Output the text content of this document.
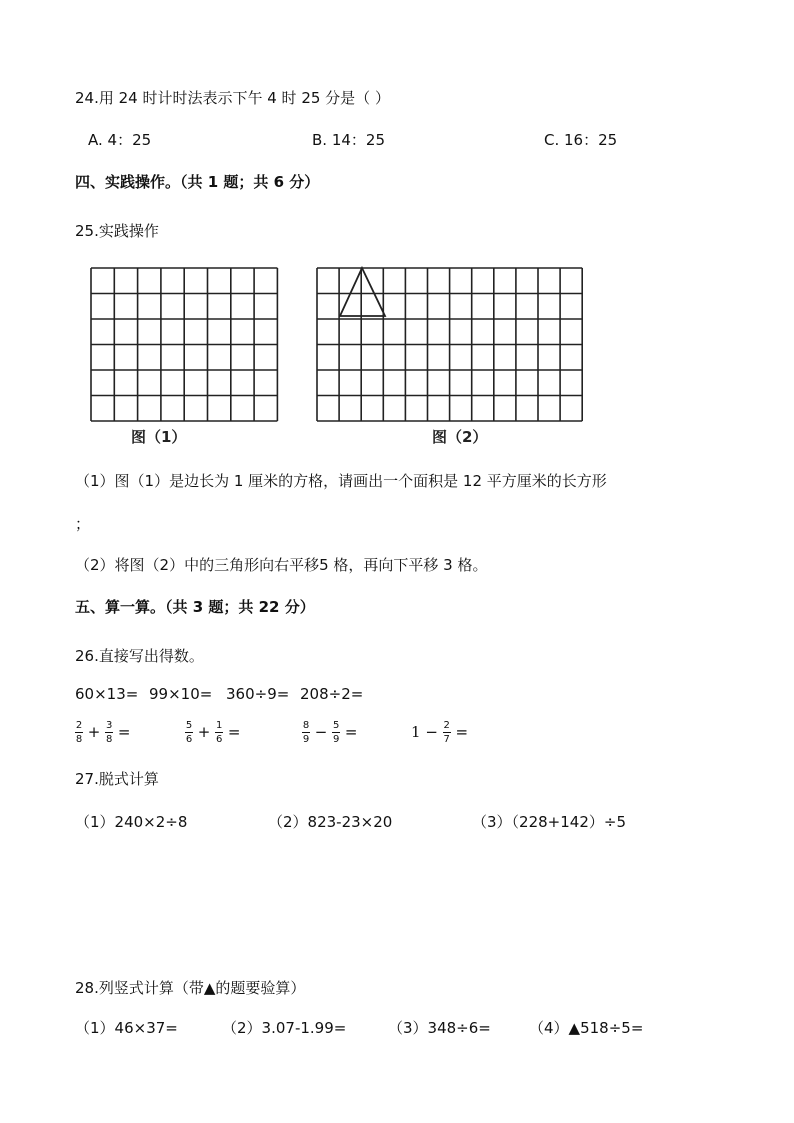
24.用 24 时计时法表示下午 4 时 25 分是（ ）
A. 4：25	B. 14：25	C. 16：25
四、实践操作。（共 1 题；共 6 分）
25.实践操作
图（1）	图（2）
（1）图（1）是边长为 1 厘米的方格，请画出一个面积是 12 平方厘米的长方形
；
（2）将图（2）中的三角形向右平移5 格，再向下平移 3 格。
五、算一算。（共 3 题；共 22 分）
26.直接写出得数。
60×13= 99×10= 360÷9= 208÷2=
$\frac{2}{8} + \frac{3}{8}$ =	$\frac{5}{6} + \frac{1}{6}$ =	$\frac{8}{9} - \frac{5}{9}$ =	$1 - \frac{2}{7}$ =
27.脱式计算
（1）240×2÷8	（2）823-23×20	（3）（228+142）÷5
28.列竖式计算（带▲的题要验算）
（1）46×37=	（2）3.07-1.99=	（3）348÷6=	（4）▲518÷5=
